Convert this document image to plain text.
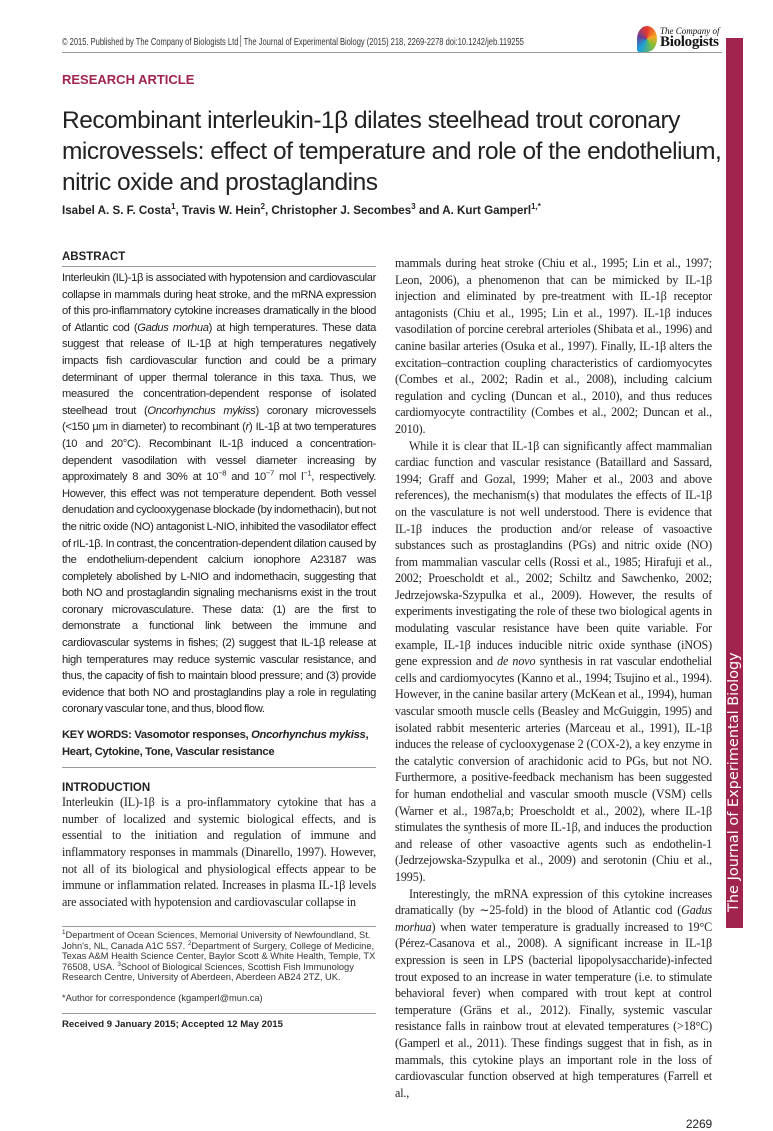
© 2015. Published by The Company of Biologists Ltd The Journal of Experimental Biology (2015) 218, 2269-2278 doi:10.1242/jeb.119255
The Company of
Biologists
The Journal of Experimental Biology
RESEARCH ARTICLE
Recombinant interleukin-1β dilates steelhead trout coronary microvessels: effect of temperature and role of the endothelium, nitric oxide and prostaglandins
Isabel A. S. F. Costa$^1$, Travis W. Hein$^2$, Christopher J. Secombes$^3$ and A. Kurt Gamperl$^{1,*}$
ABSTRACT

Interleukin (IL)-1β is associated with hypotension and cardiovascular collapse in mammals during heat stroke, and the mRNA expression of this pro-inflammatory cytokine increases dramatically in the blood of Atlantic cod (Gadus morhua) at high temperatures. These data suggest that release of IL-1β at high temperatures negatively impacts fish cardiovascular function and could be a primary determinant of upper thermal tolerance in this taxa. Thus, we measured the concentration-dependent response of isolated steelhead trout (Oncorhynchus mykiss) coronary microvessels (<150 µm in diameter) to recombinant (r) IL-1β at two temperatures (10 and 20°C). Recombinant IL-1β induced a concentration-dependent vasodilation with vessel diameter increasing by approximately 8 and 30% at $10^{-8}$ and $10^{-7}$ mol $l^{-1}$, respectively. However, this effect was not temperature dependent. Both vessel denudation and cyclooxygenase blockade (by indomethacin), but not the nitric oxide (NO) antagonist L-NIO, inhibited the vasodilator effect of rIL-1β. In contrast, the concentration-dependent dilation caused by the endothelium-dependent calcium ionophore A23187 was completely abolished by L-NIO and indomethacin, suggesting that both NO and prostaglandin signaling mechanisms exist in the trout coronary microvasculature. These data: (1) are the first to demonstrate a functional link between the immune and cardiovascular systems in fishes; (2) suggest that IL-1β release at high temperatures may reduce systemic vascular resistance, and thus, the capacity of fish to maintain blood pressure; and (3) provide evidence that both NO and prostaglandins play a role in regulating coronary vascular tone, and thus, blood flow.

KEY WORDS: Vasomotor responses, Oncorhynchus mykiss, Heart, Cytokine, Tone, Vascular resistance

INTRODUCTION

Interleukin (IL)-1β is a pro-inflammatory cytokine that has a number of localized and systemic biological effects, and is essential to the initiation and regulation of immune and inflammatory responses in mammals (Dinarello, 1997). However, not all of its biological and physiological effects appear to be immune or inflammation related. Increases in plasma IL-1β levels are associated with hypotension and cardiovascular collapse in

$^1$Department of Ocean Sciences, Memorial University of Newfoundland, St. John's, NL, Canada A1C 5S7. $^2$Department of Surgery, College of Medicine, Texas A&M Health Science Center, Baylor Scott & White Health, Temple, TX 76508, USA. $^3$School of Biological Sciences, Scottish Fish Immunology Research Centre, University of Aberdeen, Aberdeen AB24 2TZ, UK.

*Author for correspondence (kgamperl@mun.ca)

Received 9 January 2015; Accepted 12 May 2015

mammals during heat stroke (Chiu et al., 1995; Lin et al., 1997; Leon, 2006), a phenomenon that can be mimicked by IL-1β injection and eliminated by pre-treatment with IL-1β receptor antagonists (Chiu et al., 1995; Lin et al., 1997). IL-1β induces vasodilation of porcine cerebral arterioles (Shibata et al., 1996) and canine basilar arteries (Osuka et al., 1997). Finally, IL-1β alters the excitation–contraction coupling characteristics of cardiomyocytes (Combes et al., 2002; Radin et al., 2008), including calcium regulation and cycling (Duncan et al., 2010), and thus reduces cardiomyocyte contractility (Combes et al., 2002; Duncan et al., 2010).

While it is clear that IL-1β can significantly affect mammalian cardiac function and vascular resistance (Bataillard and Sassard, 1994; Graff and Gozal, 1999; Maher et al., 2003 and above references), the mechanism(s) that modulates the effects of IL-1β on the vasculature is not well understood. There is evidence that IL-1β induces the production and/or release of vasoactive substances such as prostaglandins (PGs) and nitric oxide (NO) from mammalian vascular cells (Rossi et al., 1985; Hirafuji et al., 2002; Proescholdt et al., 2002; Schiltz and Sawchenko, 2002; Jedrzejowska-Szypulka et al., 2009). However, the results of experiments investigating the role of these two biological agents in modulating vascular resistance have been quite variable. For example, IL-1β induces inducible nitric oxide synthase (iNOS) gene expression and de novo synthesis in rat vascular endothelial cells and cardiomyocytes (Kanno et al., 1994; Tsujino et al., 1994). However, in the canine basilar artery (McKean et al., 1994), human vascular smooth muscle cells (Beasley and McGuiggin, 1995) and isolated rabbit mesenteric arteries (Marceau et al., 1991), IL-1β induces the release of cyclooxygenase 2 (COX-2), a key enzyme in the catalytic conversion of arachidonic acid to PGs, but not NO. Furthermore, a positive-feedback mechanism has been suggested for human endothelial and vascular smooth muscle (VSM) cells (Warner et al., 1987a,b; Proescholdt et al., 2002), where IL-1β stimulates the synthesis of more IL-1β, and induces the production and release of other vasoactive agents such as endothelin-1 (Jedrzejowska-Szypulka et al., 2009) and serotonin (Chiu et al., 1995).

Interestingly, the mRNA expression of this cytokine increases dramatically (by ∼25-fold) in the blood of Atlantic cod (Gadus morhua) when water temperature is gradually increased to 19°C (Pérez-Casanova et al., 2008). A significant increase in IL-1β expression is seen in LPS (bacterial lipopolysaccharide)-infected trout exposed to an increase in water temperature (i.e. to stimulate behavioral fever) when compared with trout kept at control temperature (Gräns et al., 2012). Finally, systemic vascular resistance falls in rainbow trout at elevated temperatures (>18°C) (Gamperl et al., 2011). These findings suggest that in fish, as in mammals, this cytokine plays an important role in the loss of cardiovascular function observed at high temperatures (Farrell et al.,

2269
